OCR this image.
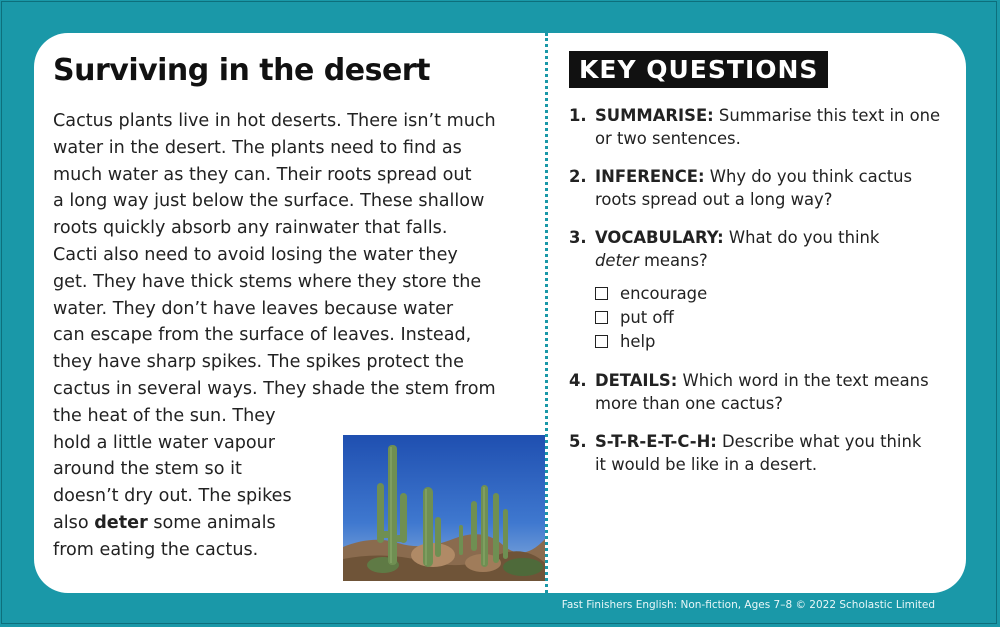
Surviving in the desert
Cactus plants live in hot deserts. There isn’t much
water in the desert. The plants need to find as
much water as they can. Their roots spread out
a long way just below the surface. These shallow
roots quickly absorb any rainwater that falls.
Cacti also need to avoid losing the water they
get. They have thick stems where they store the
water. They don’t have leaves because water
can escape from the surface of leaves. Instead,
they have sharp spikes. The spikes protect the
cactus in several ways. They shade the stem from
the heat of the sun. They
hold a little water vapour
around the stem so it
doesn’t dry out. The spikes
also deter some animals
from eating the cactus.
KEY QUESTIONS
1. SUMMARISE: Summarise this text in one
or two sentences.
2. INFERENCE: Why do you think cactus
roots spread out a long way?
3. VOCABULARY: What do you think
deter means?
encourage
put off
help
4. DETAILS: Which word in the text means
more than one cactus?
5. S-T-R-E-T-C-H: Describe what you think
it would be like in a desert.
Fast Finishers English: Non-fiction, Ages 7–8 © 2022 Scholastic Limited
